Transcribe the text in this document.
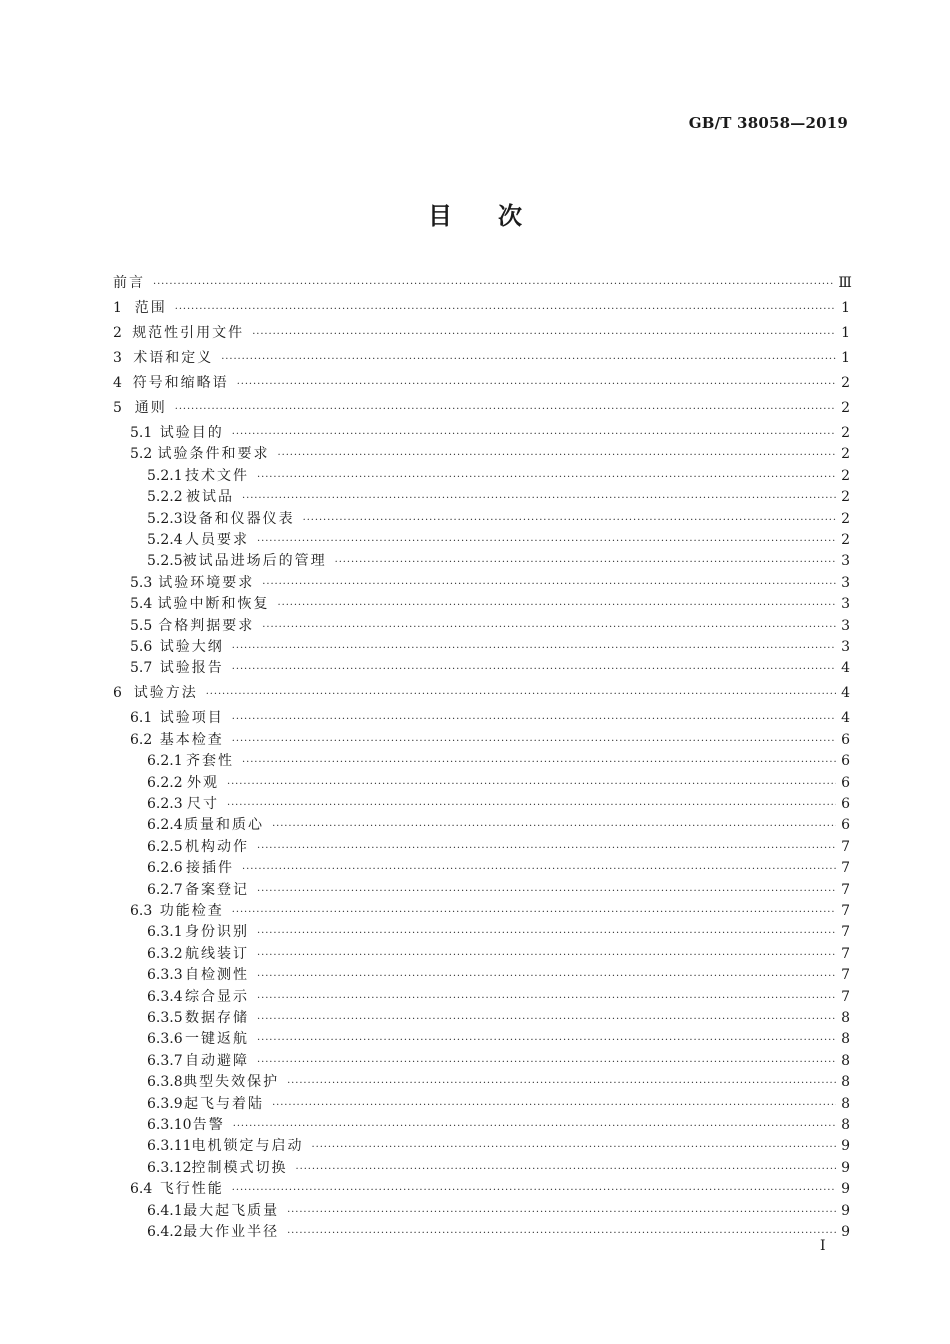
GB/T 38058—2019
目 次
前言 ·····	Ⅲ
1 范围 ·····	1
2 规范性引用文件 ·····	1
3 术语和定义 ·····	1
4 符号和缩略语 ·····	2
5 通则 ·····	2
5.1 试验目的 ·····	2
5.2 试验条件和要求 ·····	2
5.2.1 技术文件 ·····	2
5.2.2 被试品 ·····	2
5.2.3 设备和仪器仪表 ·····	2
5.2.4 人员要求 ·····	2
5.2.5 被试品进场后的管理 ·····	3
5.3 试验环境要求 ·····	3
5.4 试验中断和恢复 ·····	3
5.5 合格判据要求 ·····	3
5.6 试验大纲 ·····	3
5.7 试验报告 ·····	4
6 试验方法 ·····	4
6.1 试验项目 ·····	4
6.2 基本检查 ·····	6
6.2.1 齐套性 ·····	6
6.2.2 外观 ·····	6
6.2.3 尺寸 ·····	6
6.2.4 质量和质心 ·····	6
6.2.5 机构动作 ·····	7
6.2.6 接插件 ·····	7
6.2.7 备案登记 ·····	7
6.3 功能检查 ·····	7
6.3.1 身份识别 ·····	7
6.3.2 航线装订 ·····	7
6.3.3 自检测性 ·····	7
6.3.4 综合显示 ·····	7
6.3.5 数据存储 ·····	8
6.3.6 一键返航 ·····	8
6.3.7 自动避障 ·····	8
6.3.8 典型失效保护 ·····	8
6.3.9 起飞与着陆 ·····	8
6.3.10 告警 ·····	8
6.3.11 电机锁定与启动 ·····	9
6.3.12 控制模式切换 ·····	9
6.4 飞行性能 ·····	9
6.4.1 最大起飞质量 ·····	9
6.4.2 最大作业半径 ·····	9
I
